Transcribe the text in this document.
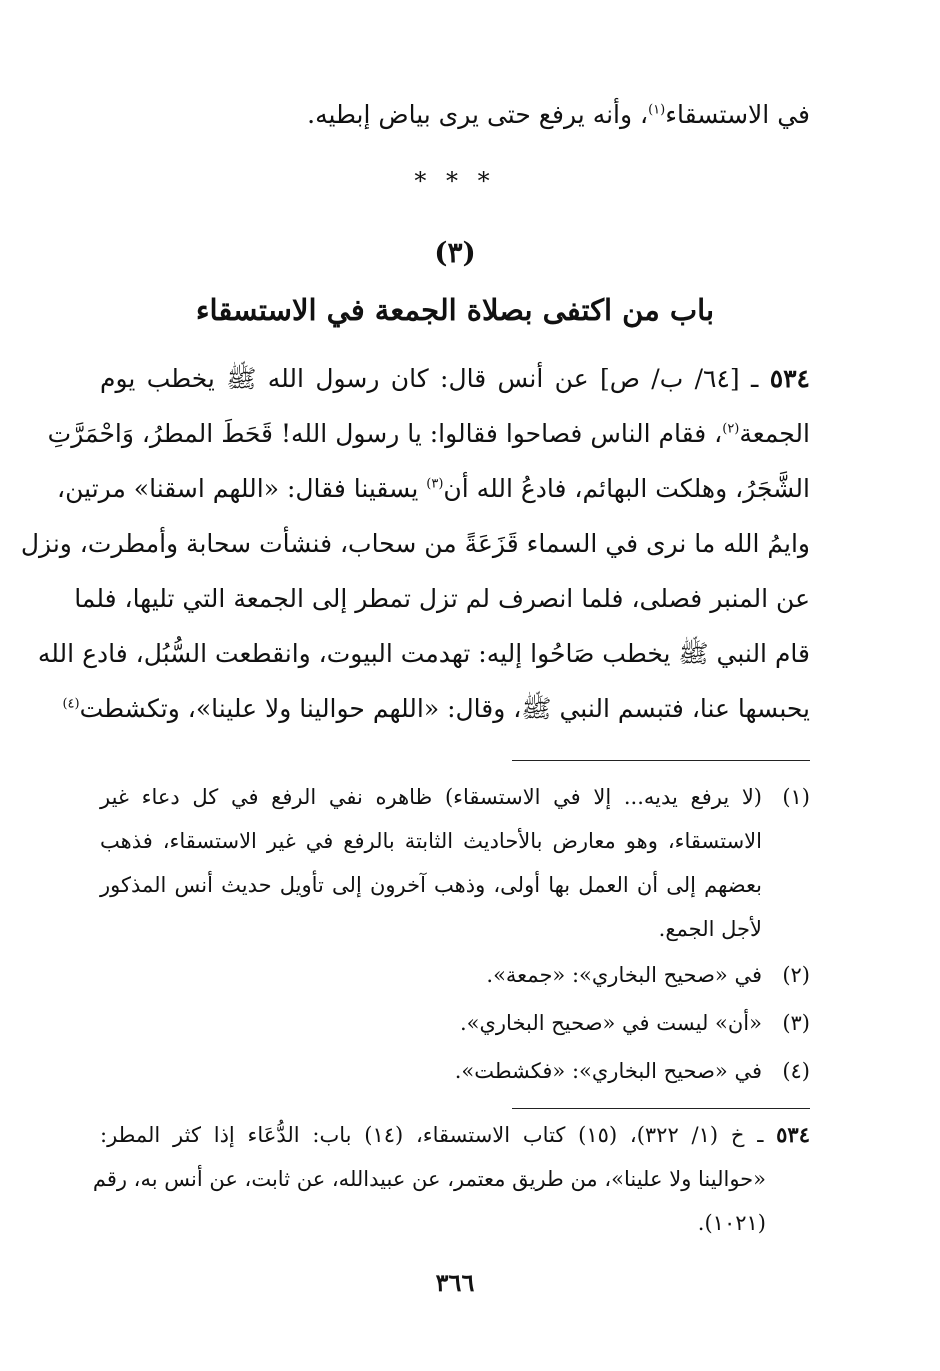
في الاستسقاء$^{(١)}$، وأنه يرفع حتى يرى بياض إبطيه.
* * *
(٣)
باب من اكتفى بصلاة الجمعة في الاستسقاء
٥٣٤ ـ [٦٤/ ب/ ص] عن أنس قال: كان رسول الله ﷺ يخطب يوم
الجمعة$^{(٢)}$، فقام الناس فصاحوا فقالوا: يا رسول الله! قَحَطَ المطرُ، وَاحْمَرَّتِ
الشَّجَرُ، وهلكت البهائم، فادعُ الله أن$^{(٣)}$ يسقينا فقال: «اللهم اسقنا» مرتين،
وايمُ الله ما نرى في السماء قَزَعَةً من سحاب، فنشأت سحابة وأمطرت، ونزل
عن المنبر فصلى، فلما انصرف لم تزل تمطر إلى الجمعة التي تليها، فلما
قام النبي ﷺ يخطب صَاحُوا إليه: تهدمت البيوت، وانقطعت السُّبُل، فادع الله
يحبسها عنا، فتبسم النبي ﷺ، وقال: «اللهم حوالينا ولا علينا»، وتكشطت$^{(٤)}$
(١)(لا يرفع يديه... إلا في الاستسقاء) ظاهره نفي الرفع في كل دعاء غير
الاستسقاء، وهو معارض بالأحاديث الثابتة بالرفع في غير الاستسقاء، فذهب
بعضهم إلى أن العمل بها أولى، وذهب آخرون إلى تأويل حديث أنس المذكور
لأجل الجمع.
(٢)في «صحيح البخاري»: «جمعة».
(٣)«أن» ليست في «صحيح البخاري».
(٤)في «صحيح البخاري»: «فكشطت».
٥٣٤ ـ خ (١/ ٣٢٢)، (١٥) كتاب الاستسقاء، (١٤) باب: الدُّعَاء إذا كثر المطر:
«حوالينا ولا علينا»، من طريق معتمر، عن عبيدالله، عن ثابت، عن أنس به، رقم
(١٠٢١).
٣٦٦
